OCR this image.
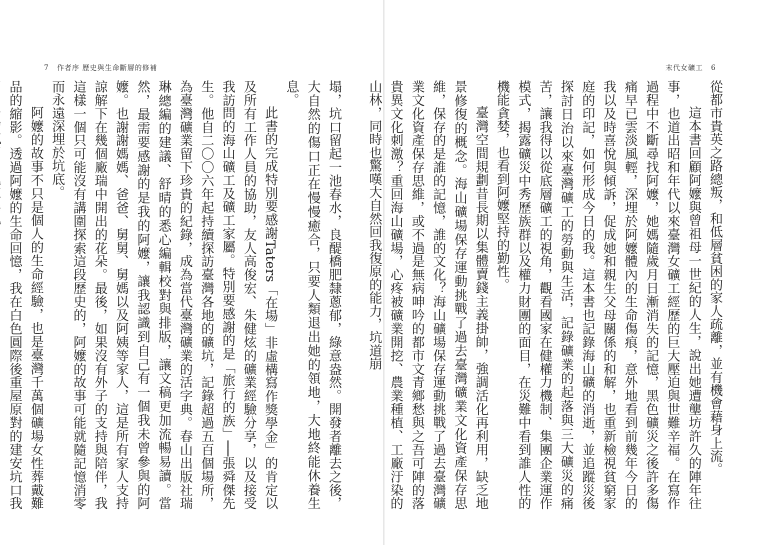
7 作者序 歷史與生命斷層的修補

塌，坑口留起一池春水，良醍橋肥隸蔥郁，綠意盎然。開發者離去之後，大自然的傷口正在慢慢癒合，只要人類退出她的領地，大地終能休養生息。

此書的完成特別要感謝Taters「在場」非虛構寫作獎學金」的肯定以及所有工作人員的協助，友人高俊宏、朱健炫的礦業經驗分享，以及接受我訪問的海山礦工及礦工家屬。特別要感謝的是「旅行的族」──張舜傑先生。他自二〇〇六年起持續探訪臺灣各地的礦坑，記錄超過五百個場所，為臺灣礦業留下珍貴的紀錄，成為當代臺灣礦業的活字典。春山出版社瑞琳總編的建議、舒晴的悉心編輯校對與排版，讓文稿更加流暢易讀。當然，最需要感謝的是我的阿嬤，讓我認識到自己有一個我未曾參與的阿嬤。也謝謝媽媽、爸爸、舅舅、舅媽以及阿姨等家人，這是所有家人支持諒解下在幾個廠瑞中開出的花朵。最後，如果沒有外子的支持與陪伴，我這樣一個只可能沒有講圍探索這段歷史的，阿嬤的故事可能就隨記憶消零而永遠深埋於坑底。

阿嬤的故事不只是個人的生命經驗，也是臺灣千萬個礦場女性葬戴難品的縮影。透過阿嬤的生命回憶，我在白色圓際後重屋原對的建安坑口我

末代女礦工 6

從都市貴英之路總叛，和低層貧困的家人疏離，並有機會藉身上流。

這本書回顧阿嬤與曾祖母一世紀的人生，說出她遭壟坊許久的陣年往事，也道出昭和年代以來臺灣女礦工經歷的巨大壓迫與世難辛福。在寫作過程中不斷尋找阿嬤，她媽隨歲月日漸消失的記憶，黑色礦災之後許多傷痛早已雲淡風輕，深埋於阿嬤體內的生命傷痕，意外地看到前幾年今日的我以及時喜悅與傾訴，促成她和親生父母關係的和解，也重新檢視貧窮家庭的印記，如何形成今日的我。這本書也記錄海山礦的消逝，並追蹤災後探討日治以來臺灣礦工的勞動與生活，記錄礦業的起落與三大礦災的痛苦，讓我得以從底層礦工的視角，觀看國家在健權力機制、集團企業運作模式，揭露礦災中秀歷族群以及權力財團的面目，在災難中看到誰人性的機能貪婪，也看到阿嬤堅持的勤性。

臺灣空間規劃昔長期以集體賣錢主義掛帥，強調活化再利用，缺乏地景修復的概念。海山礦場保存運動挑戰了過去臺灣礦業文化資產保存思維，保存的是誰的記憶，誰的文化？海山礦場保存運動挑戰了過去臺灣礦業文化資產保存思維，或不過是無病呻吟的都市文青鄉愁與之吾可陣的落貴異文化刺激？重回海山礦場，心疼被礦業開挖、農業種植、工廠汙染的山林，同時也驚嘆大自然回我復原的能力，坑道崩
